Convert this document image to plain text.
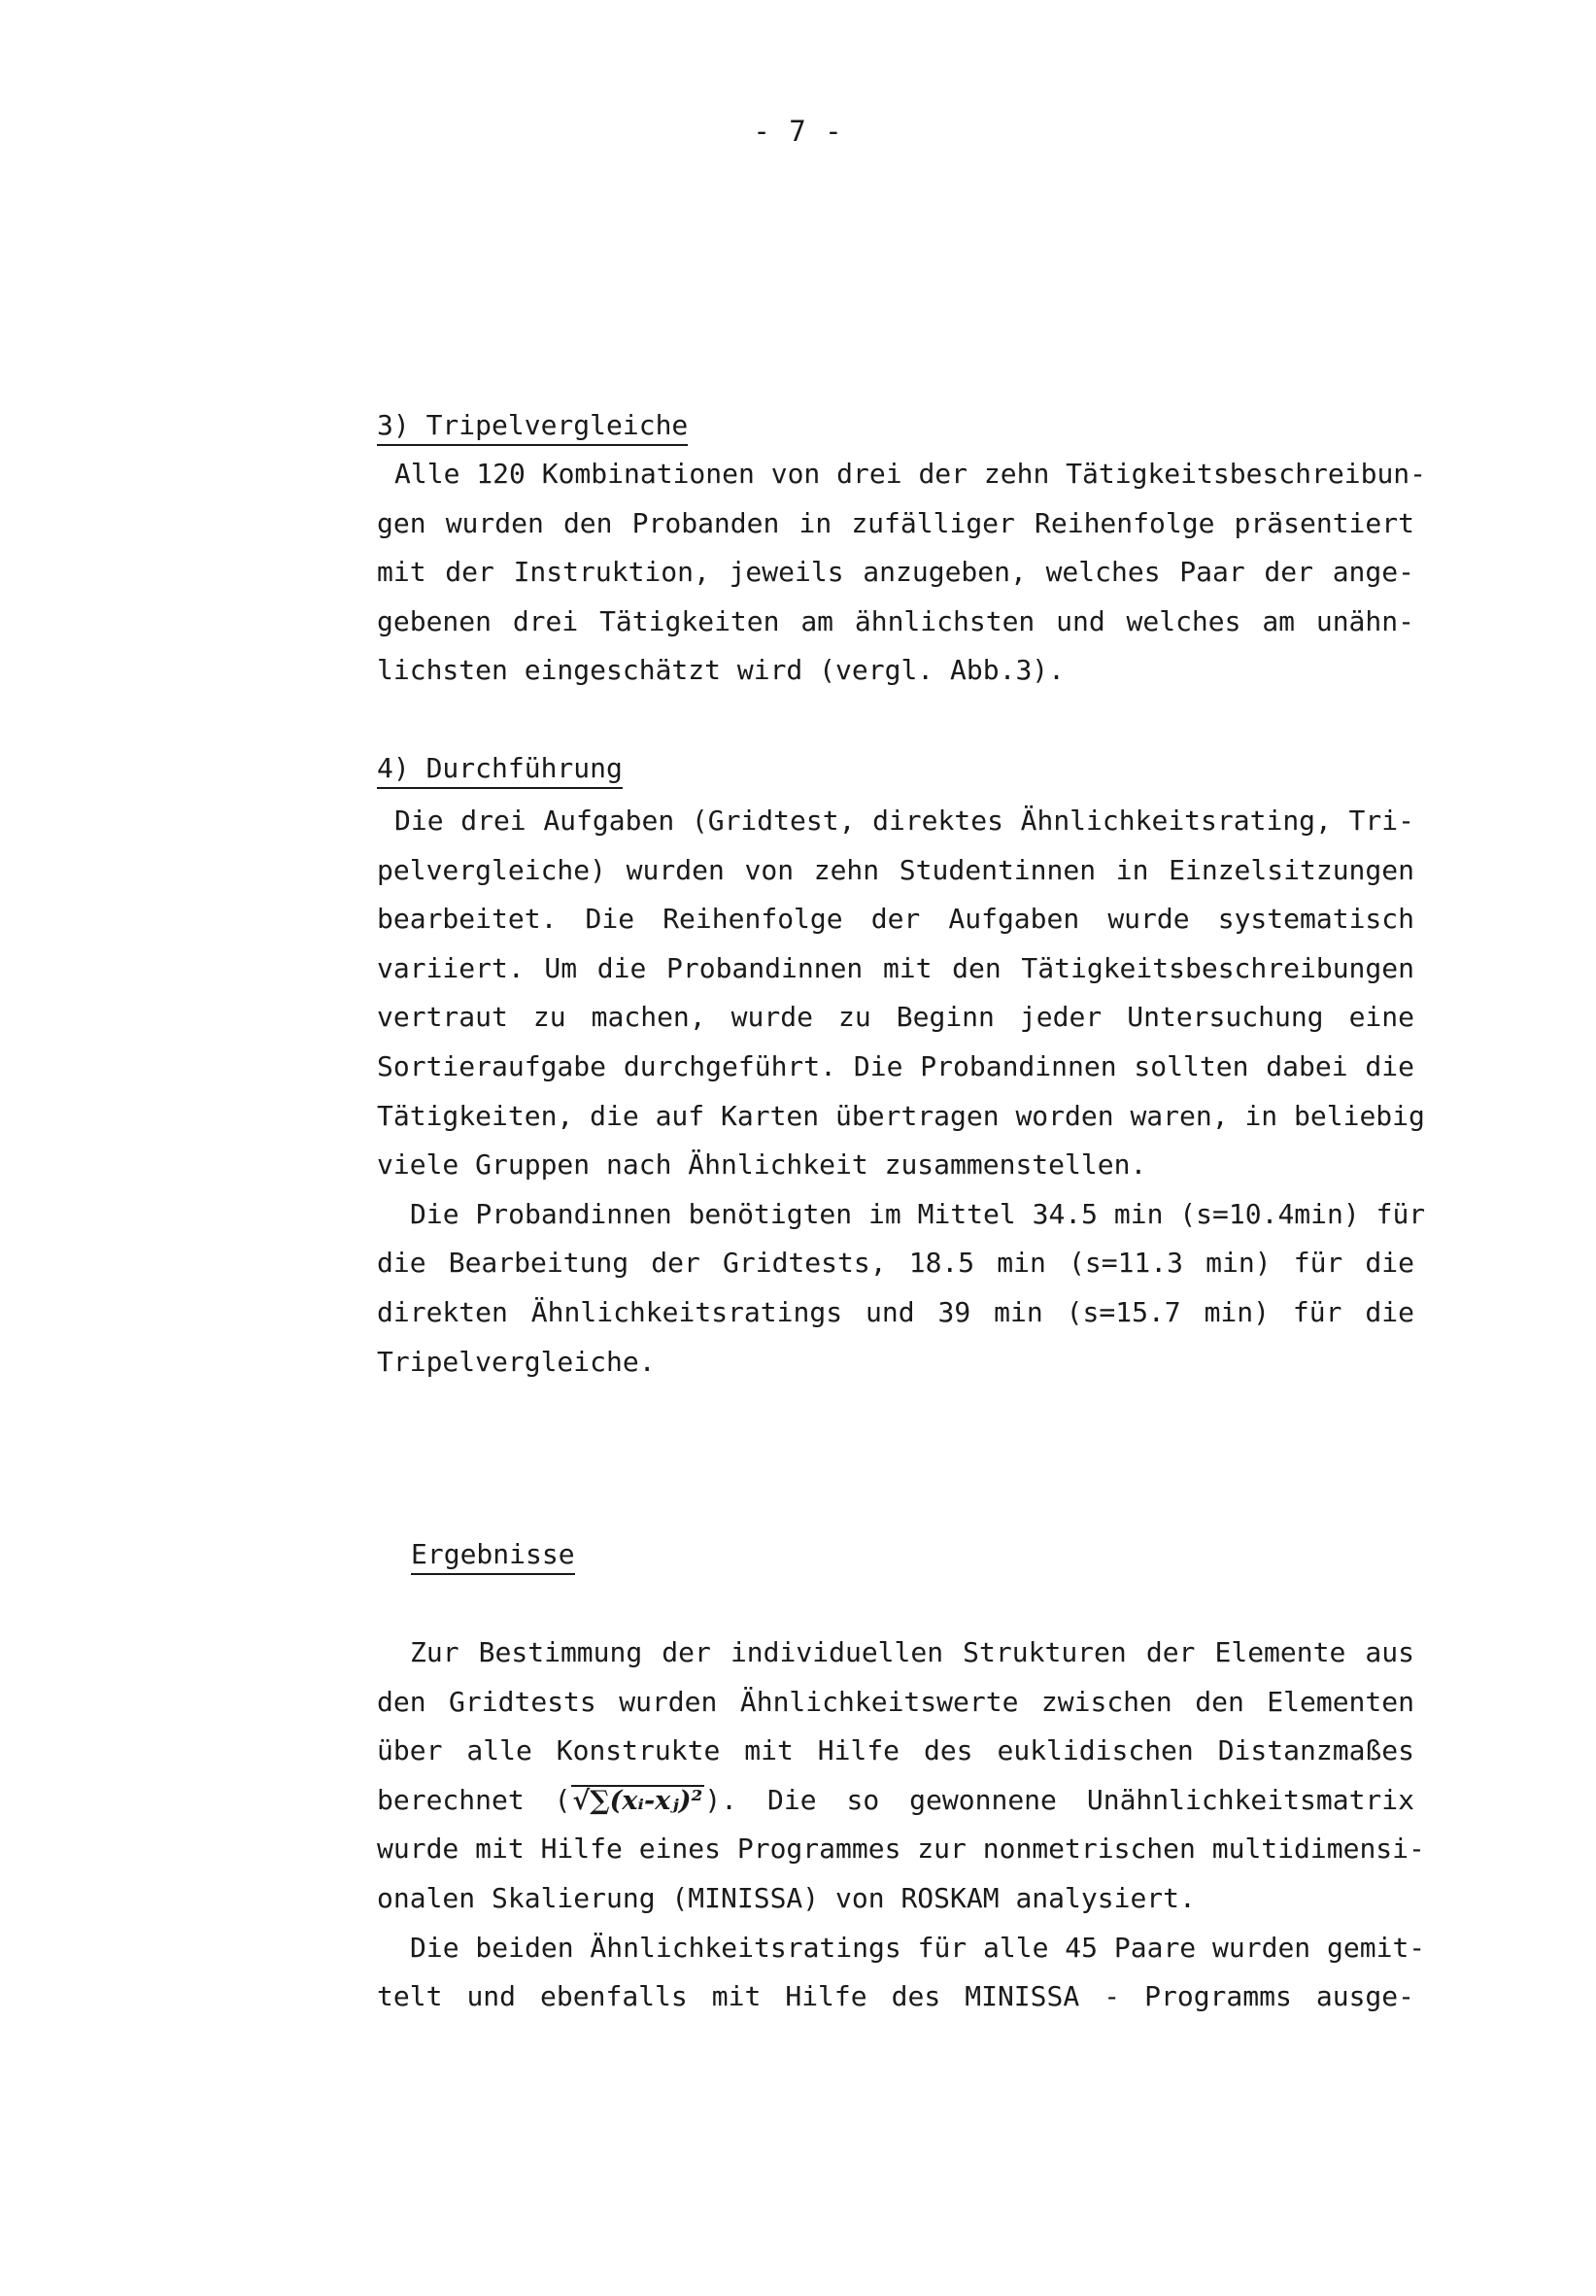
- 7 -
3) Tripelvergleiche
Alle 120 Kombinationen von drei der zehn Tätigkeitsbeschreibun-
gen wurden den Probanden in zufälliger Reihenfolge präsentiert
mit der Instruktion, jeweils anzugeben, welches Paar der ange-
gebenen drei Tätigkeiten am ähnlichsten und welches am unähn-
lichsten eingeschätzt wird (vergl. Abb.3).
4) Durchführung
Die drei Aufgaben (Gridtest, direktes Ähnlichkeitsrating, Tri-
pelvergleiche) wurden von zehn Studentinnen in Einzelsitzungen
bearbeitet. Die Reihenfolge der Aufgaben wurde systematisch
variiert. Um die Probandinnen mit den Tätigkeitsbeschreibungen
vertraut zu machen, wurde zu Beginn jeder Untersuchung eine
Sortieraufgabe durchgeführt. Die Probandinnen sollten dabei die
Tätigkeiten, die auf Karten übertragen worden waren, in beliebig
viele Gruppen nach Ähnlichkeit zusammenstellen.
Die Probandinnen benötigten im Mittel 34.5 min (s=10.4min) für
die Bearbeitung der Gridtests, 18.5 min (s=11.3 min) für die
direkten Ähnlichkeitsratings und 39 min (s=15.7 min) für die
Tripelvergleiche.
Ergebnisse
Zur Bestimmung der individuellen Strukturen der Elemente aus
den Gridtests wurden Ähnlichkeitswerte zwischen den Elementen
über alle Konstrukte mit Hilfe des euklidischen Distanzmaßes
berechnet (√∑(xᵢ-xⱼ)²). Die so gewonnene Unähnlichkeitsmatrix
wurde mit Hilfe eines Programmes zur nonmetrischen multidimensi-
onalen Skalierung (MINISSA) von ROSKAM analysiert.
Die beiden Ähnlichkeitsratings für alle 45 Paare wurden gemit-
telt und ebenfalls mit Hilfe des MINISSA - Programms ausge-
